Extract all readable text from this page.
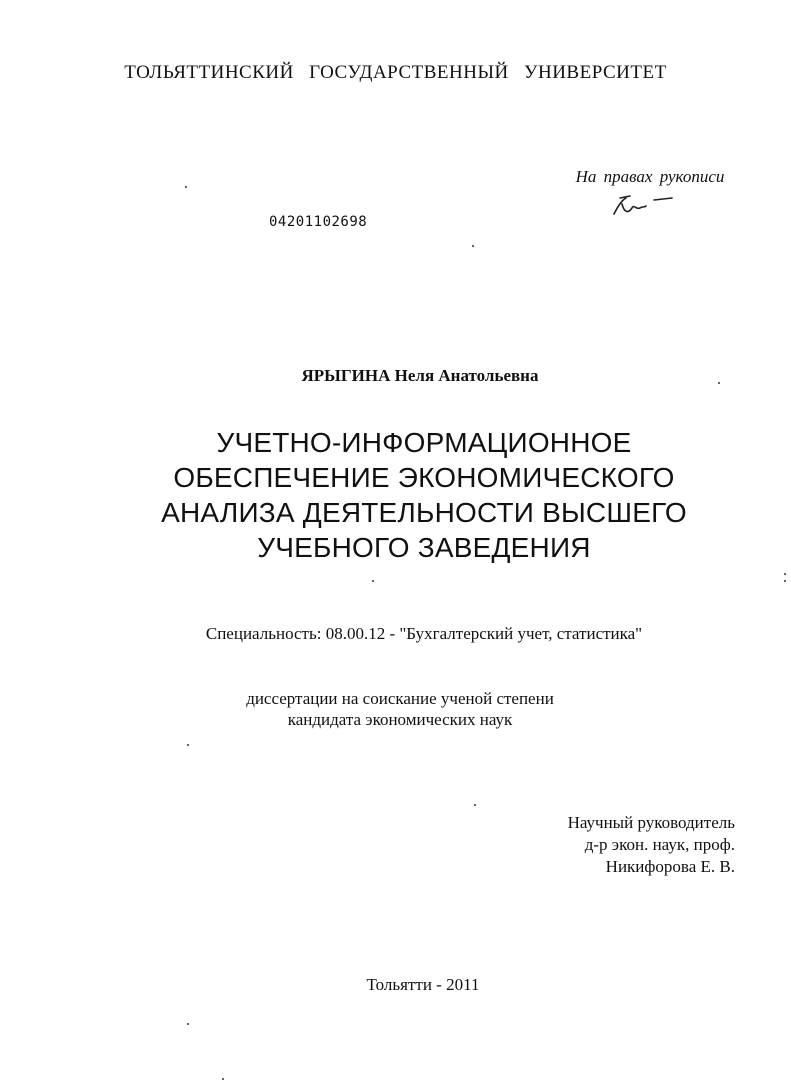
ТОЛЬЯТТИНСКИЙ ГОСУДАРСТВЕННЫЙ УНИВЕРСИТЕТ
На правах рукописи
04201102698
ЯРЫГИНА Неля Анатольевна
УЧЕТНО-ИНФОРМАЦИОННОЕ
ОБЕСПЕЧЕНИЕ ЭКОНОМИЧЕСКОГО
АНАЛИЗА ДЕЯТЕЛЬНОСТИ ВЫСШЕГО
УЧЕБНОГО ЗАВЕДЕНИЯ
Специальность: 08.00.12 - "Бухгалтерский учет, статистика"
диссертации на соискание ученой степени
кандидата экономических наук
Научный руководитель
д-р экон. наук, проф.
Никифорова Е. В.
Тольятти - 2011
